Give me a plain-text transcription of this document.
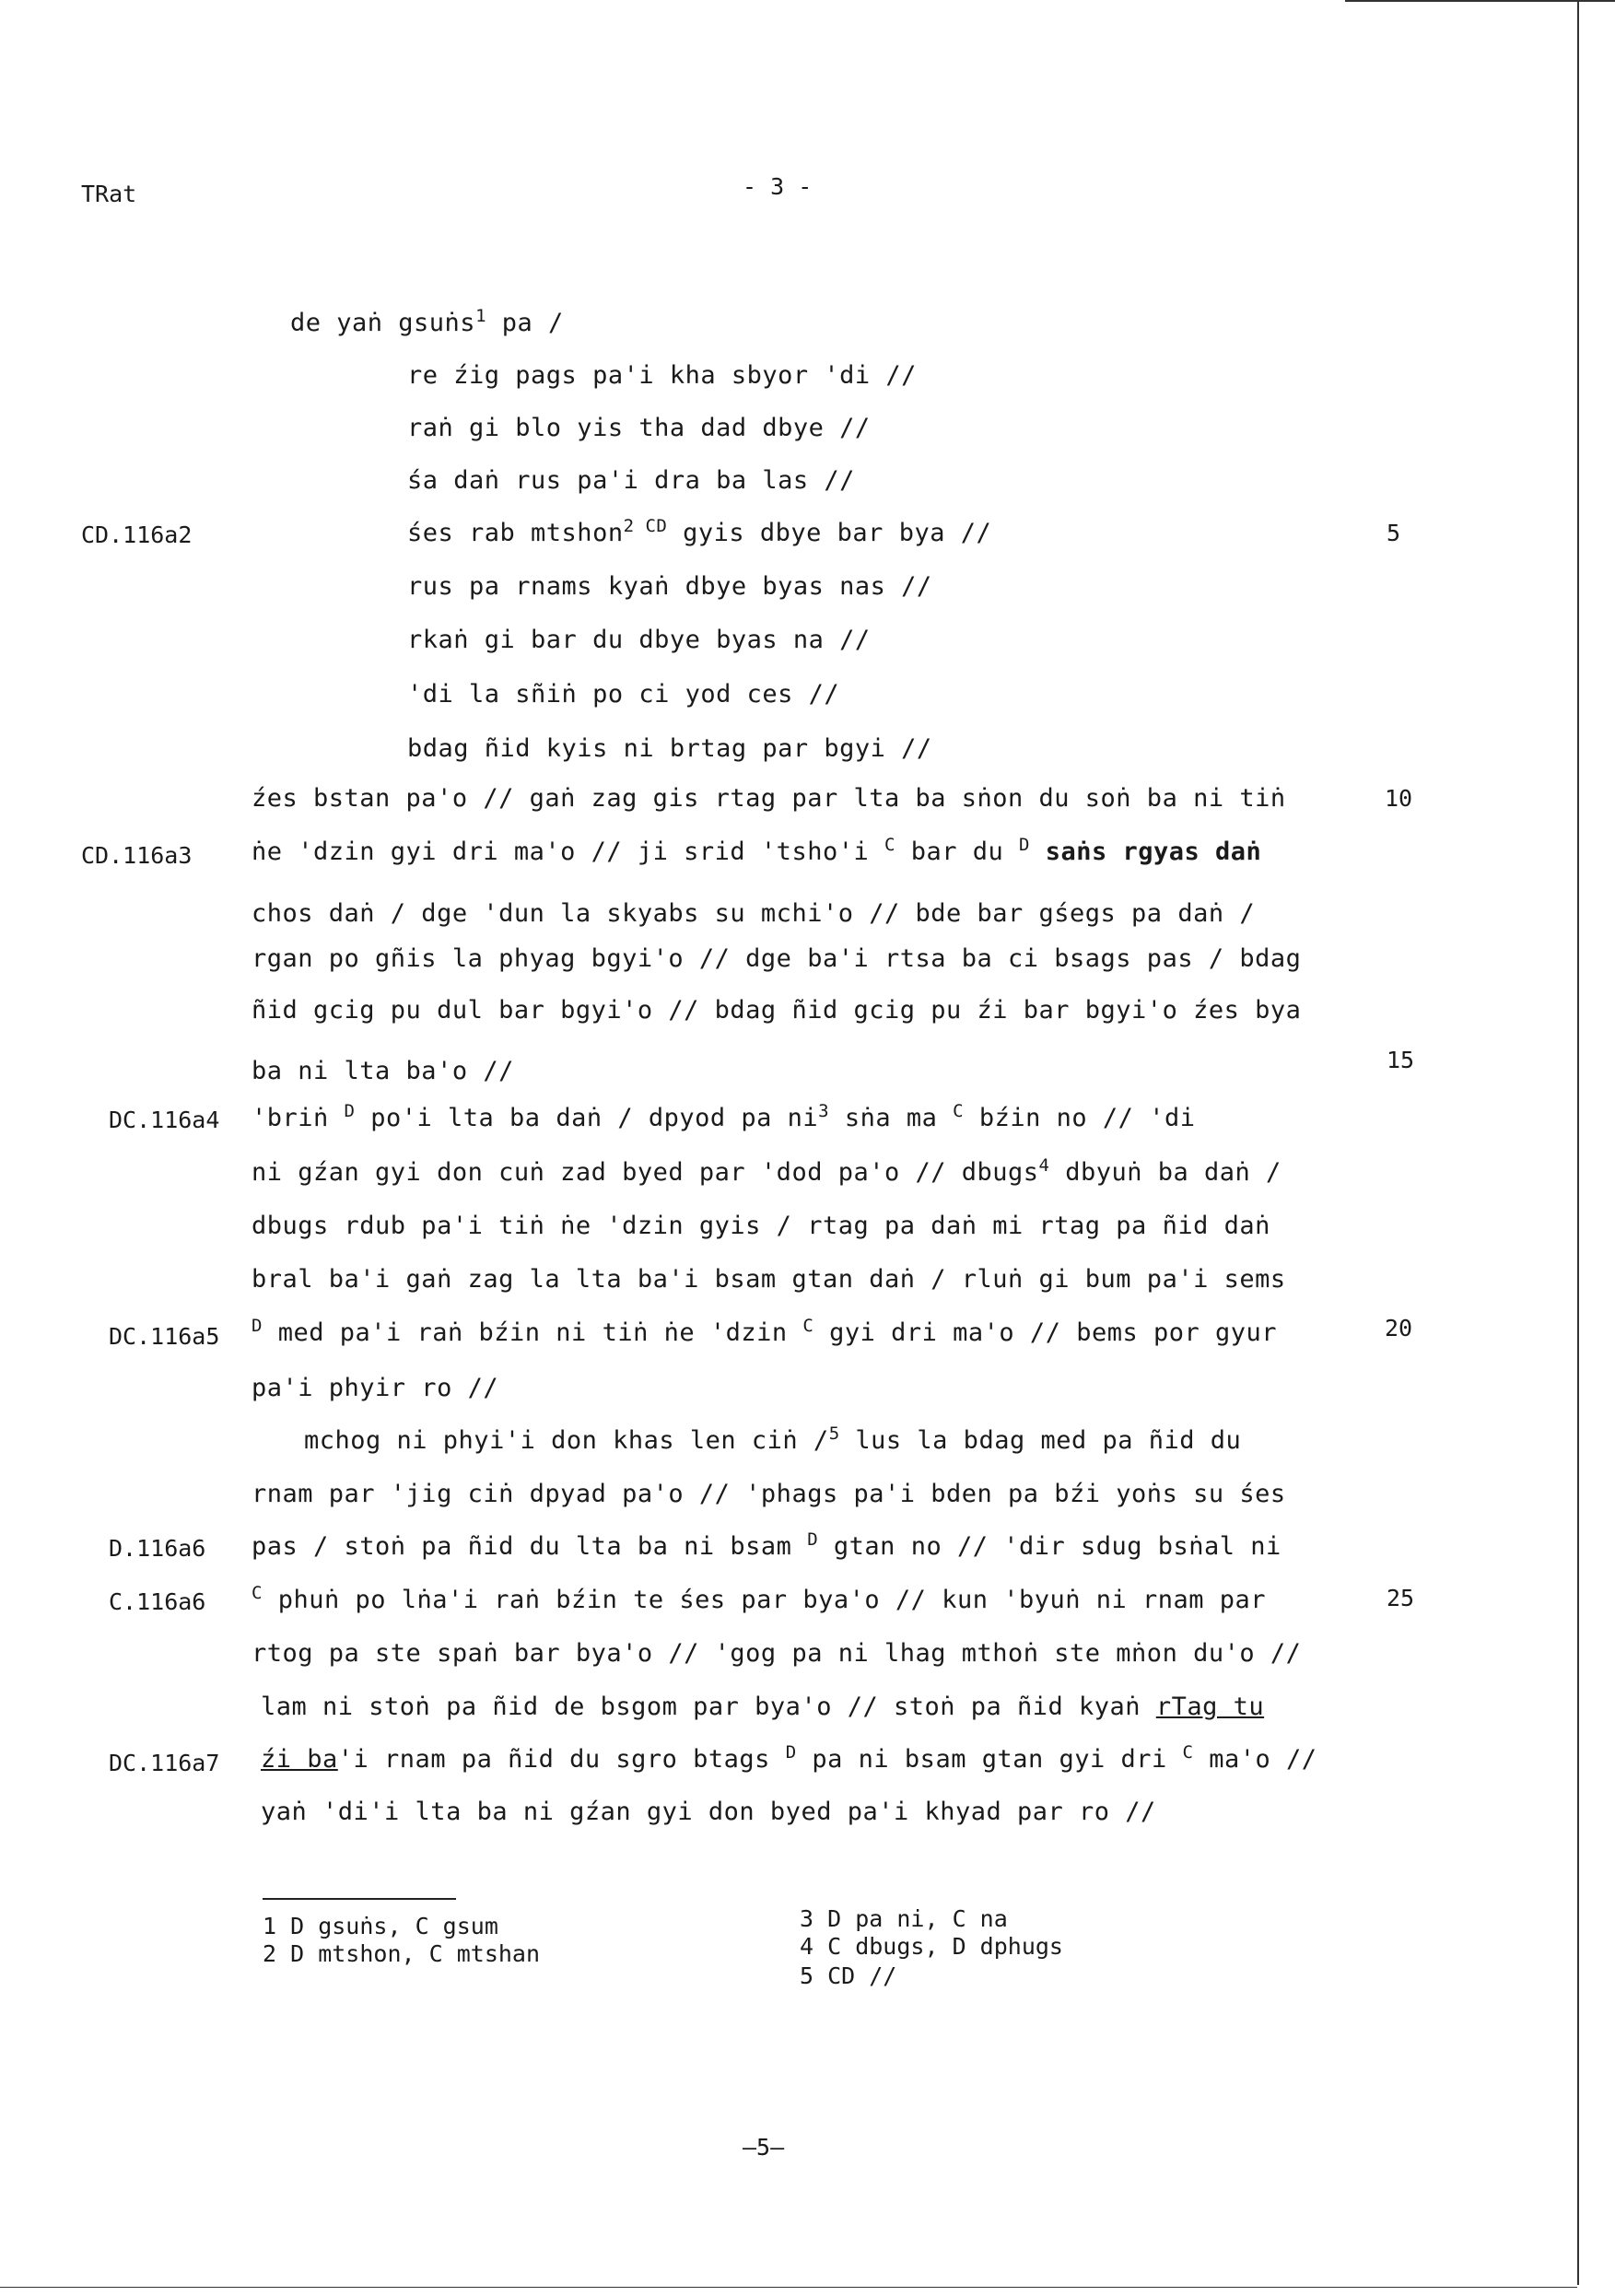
TRat	- 3 -
de yaṅ gsuṅs$^1$ pa /
re źig pags pa'i kha sbyor 'di //
raṅ gi blo yis tha dad dbye //
śa daṅ rus pa'i dra ba las //
śes rab mtshon$^2$ $^{CD}$ gyis dbye bar bya //
rus pa rnams kyaṅ dbye byas nas //
rkaṅ gi bar du dbye byas na //
'di la sñiṅ po ci yod ces //
bdag ñid kyis ni brtag par bgyi //
źes bstan pa'o // gaṅ zag gis rtag par lta ba sṅon du soṅ ba ni tiṅ
ṅe 'dzin gyi dri ma'o // ji srid 'tsho'i $^C$ bar du $^D$ saṅs rgyas daṅ
chos daṅ / dge 'dun la skyabs su mchi'o // bde bar gśegs pa daṅ /
rgan po gñis la phyag bgyi'o // dge ba'i rtsa ba ci bsags pas / bdag
ñid gcig pu dul bar bgyi'o // bdag ñid gcig pu źi bar bgyi'o źes bya
ba ni lta ba'o //
'briṅ $^D$ po'i lta ba daṅ / dpyod pa $ni^3$ sṅa ma $^C$ bźin no // 'di
ni gźan gyi don cuṅ zad byed par 'dod pa'o // dbugs$^4$ dbyuṅ ba daṅ /
dbugs rdub pa'i tiṅ ṅe 'dzin gyis / rtag pa daṅ mi rtag pa ñid daṅ
bral ba'i gaṅ zag la lta ba'i bsam gtan daṅ / rluṅ gi bum pa'i sems
$^D$ med pa'i raṅ bźin ni tiṅ ṅe 'dzin $^C$ gyi dri ma'o // bems por gyur
pa'i phyir ro //
mchog ni phyi'i don khas len ciṅ /$^5$ lus la bdag med pa ñid du
rnam par 'jig ciṅ dpyad pa'o // 'phags pa'i bden pa bźi yoṅs su śes
pas / stoṅ pa ñid du lta ba ni bsam $^D$ gtan no // 'dir sdug bsṅal ni
$^C$ phuṅ po lṅa'i raṅ bźin te śes par bya'o // kun 'byuṅ ni rnam par
rtog pa ste spaṅ bar bya'o // 'gog pa ni lhag mthoṅ ste mṅon du'o //
lam ni stoṅ pa ñid de bsgom par bya'o // stoṅ pa ñid kyaṅ rTag tu
źi ba'i rnam pa ñid du sgro btags $^D$ pa ni bsam gtan gyi dri $^C$ ma'o //
yaṅ 'di'i lta ba ni gźan gyi don byed pa'i khyad par ro //
CD.116a2
CD.116a3
DC.116a4
DC.116a5
D.116a6
C.116a6
DC.116a7
5
10
15
20
25
1 D gsuṅs, C gsum
2 D mtshon, C mtshan
3 D pa ni, C na
4 C dbugs, D dphugs
5 CD //
—5—
